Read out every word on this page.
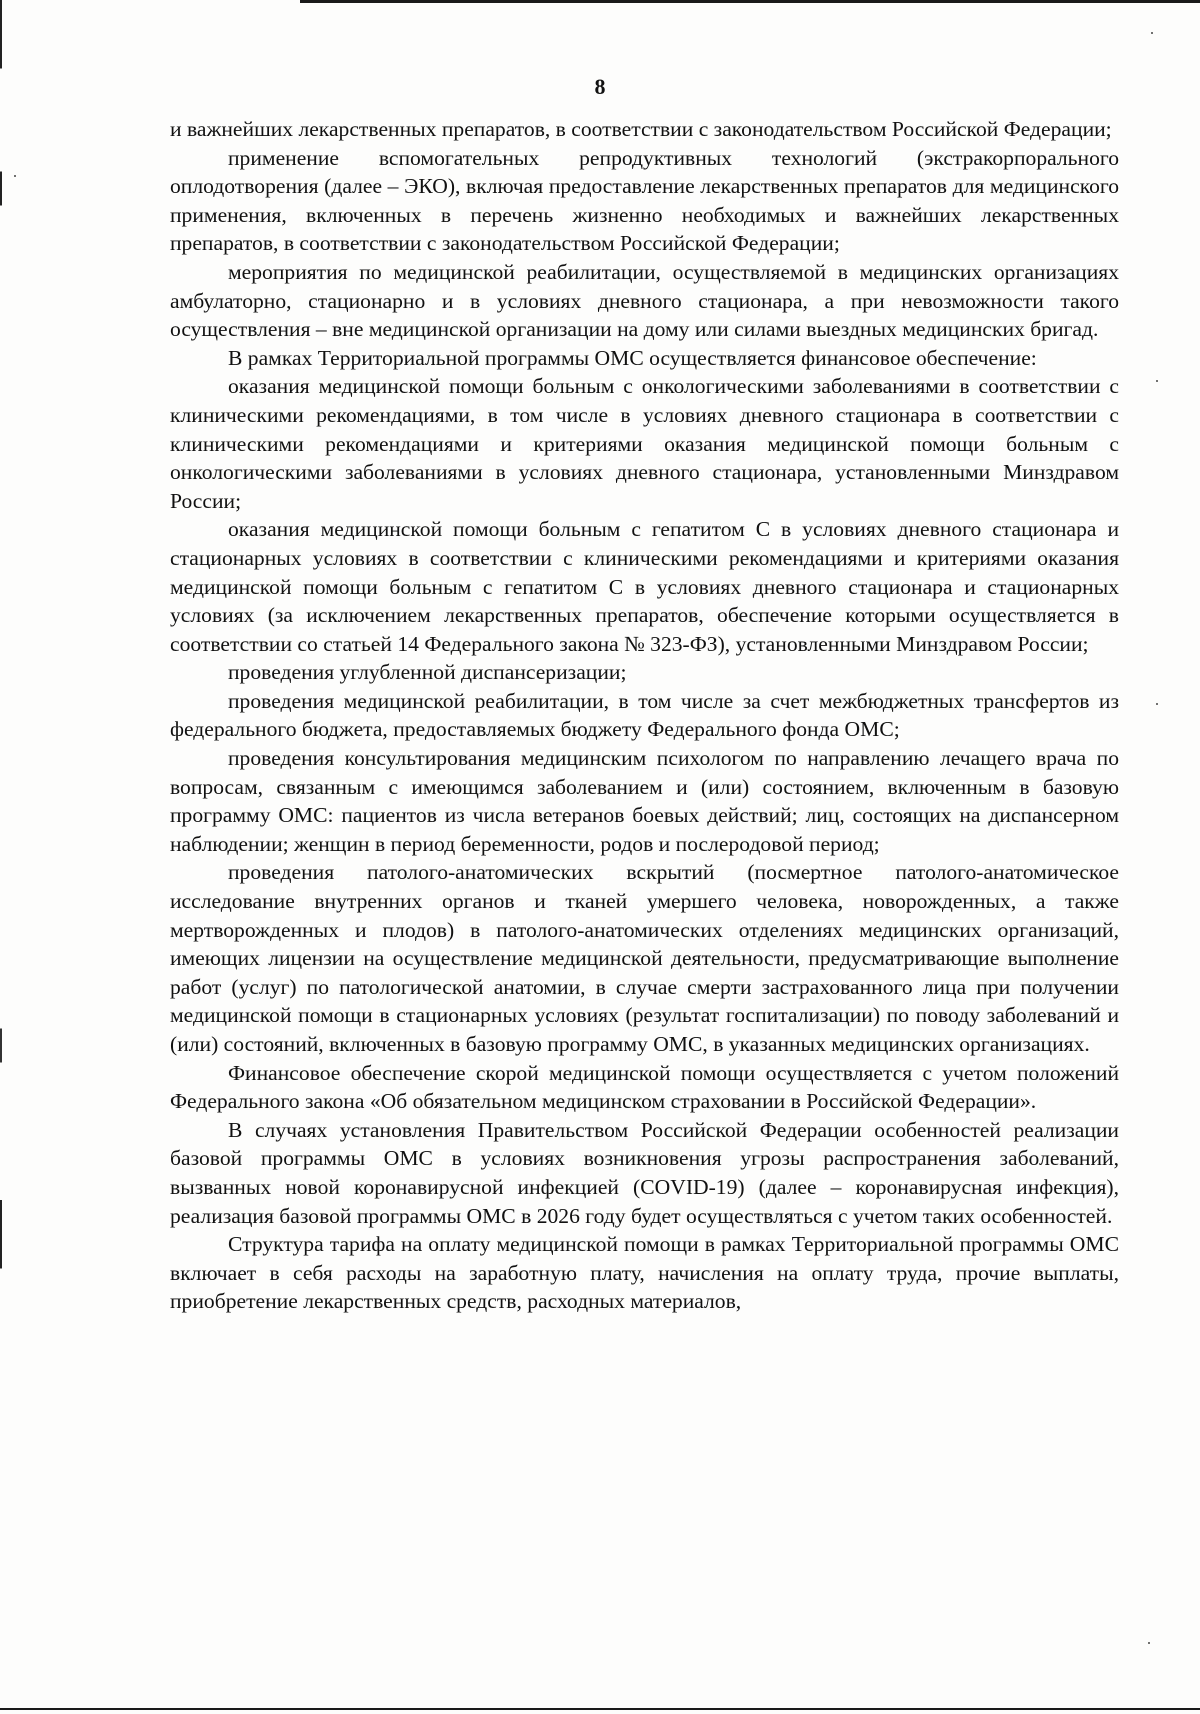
8

и важнейших лекарственных препаратов, в соответствии с законодательством Российской Федерации;

применение вспомогательных репродуктивных технологий (экстракорпорального оплодотворения (далее – ЭКО), включая предоставление лекарственных препаратов для медицинского применения, включенных в перечень жизненно необходимых и важнейших лекарственных препаратов, в соответствии с законодательством Российской Федерации;

мероприятия по медицинской реабилитации, осуществляемой в медицинских организациях амбулаторно, стационарно и в условиях дневного стационара, а при невозможности такого осуществления – вне медицинской организации на дому или силами выездных медицинских бригад.

В рамках Территориальной программы ОМС осуществляется финансовое обеспечение:

оказания медицинской помощи больным с онкологическими заболеваниями в соответствии с клиническими рекомендациями, в том числе в условиях дневного стационара в соответствии с клиническими рекомендациями и критериями оказания медицинской помощи больным с онкологическими заболеваниями в условиях дневного стационара, установленными Минздравом России;

оказания медицинской помощи больным с гепатитом С в условиях дневного стационара и стационарных условиях в соответствии с клиническими рекомендациями и критериями оказания медицинской помощи больным с гепатитом С в условиях дневного стационара и стационарных условиях (за исключением лекарственных препаратов, обеспечение которыми осуществляется в соответствии со статьей 14 Федерального закона № 323-ФЗ), установленными Минздравом России;

проведения углубленной диспансеризации;

проведения медицинской реабилитации, в том числе за счет межбюджетных трансфертов из федерального бюджета, предоставляемых бюджету Федерального фонда ОМС;

проведения консультирования медицинским психологом по направлению лечащего врача по вопросам, связанным с имеющимся заболеванием и (или) состоянием, включенным в базовую программу ОМС: пациентов из числа ветеранов боевых действий; лиц, состоящих на диспансерном наблюдении; женщин в период беременности, родов и послеродовой период;

проведения патолого-анатомических вскрытий (посмертное патолого-анатомическое исследование внутренних органов и тканей умершего человека, новорожденных, а также мертворожденных и плодов) в патолого-анатомических отделениях медицинских организаций, имеющих лицензии на осуществление медицинской деятельности, предусматривающие выполнение работ (услуг) по патологической анатомии, в случае смерти застрахованного лица при получении медицинской помощи в стационарных условиях (результат госпитализации) по поводу заболеваний и (или) состояний, включенных в базовую программу ОМС, в указанных медицинских организациях.

Финансовое обеспечение скорой медицинской помощи осуществляется с учетом положений Федерального закона «Об обязательном медицинском страховании в Российской Федерации».

В случаях установления Правительством Российской Федерации особенностей реализации базовой программы ОМС в условиях возникновения угрозы распространения заболеваний, вызванных новой коронавирусной инфекцией (COVID-19) (далее – коронавирусная инфекция), реализация базовой программы ОМС в 2026 году будет осуществляться с учетом таких особенностей.

Структура тарифа на оплату медицинской помощи в рамках Территориальной программы ОМС включает в себя расходы на заработную плату, начисления на оплату труда, прочие выплаты, приобретение лекарственных средств, расходных материалов,
